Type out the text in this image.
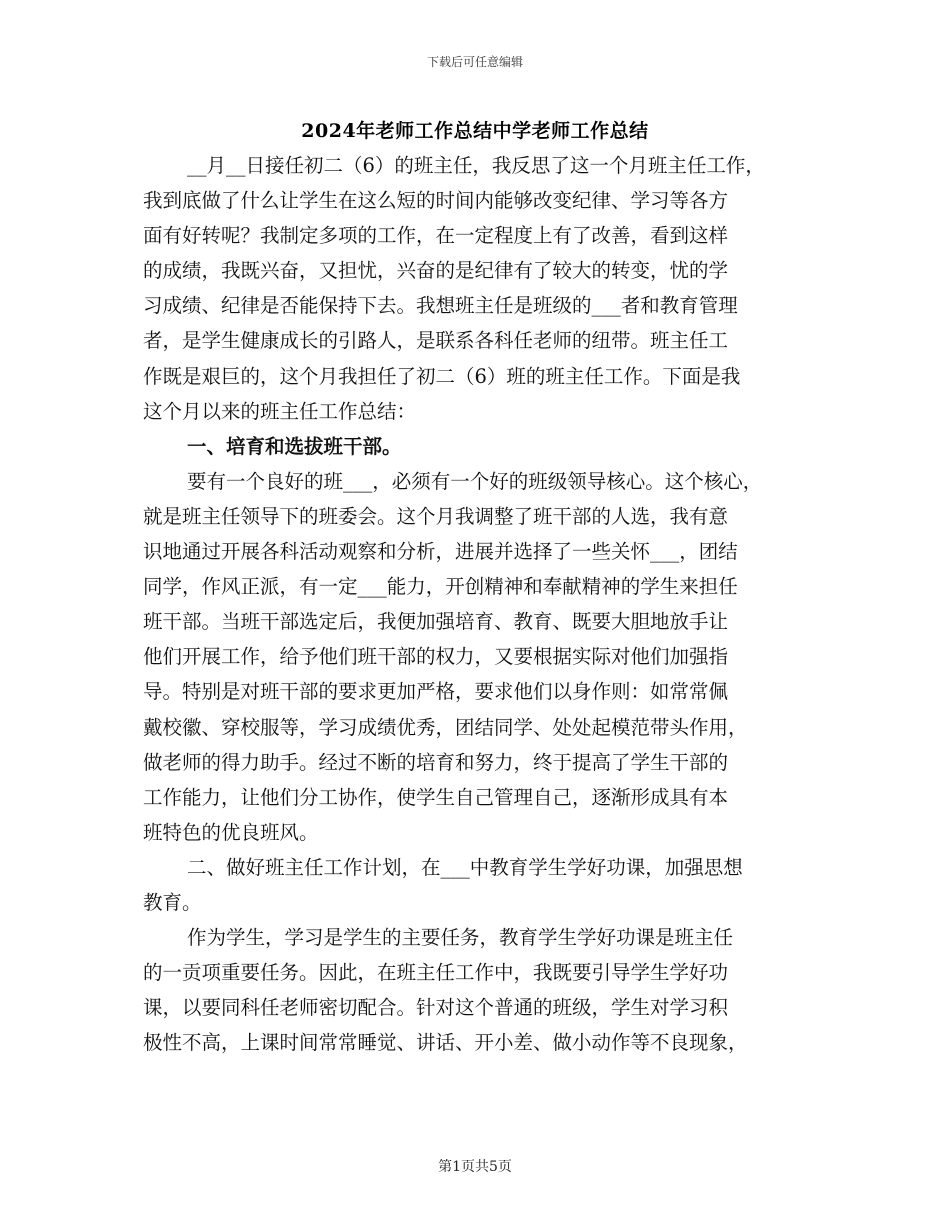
下载后可任意编辑
2024年老师工作总结中学老师工作总结
__月__日接任初二（6）的班主任，我反思了这一个月班主任工作，
我到底做了什么让学生在这么短的时间内能够改变纪律、学习等各方
面有好转呢？我制定多项的工作，在一定程度上有了改善，看到这样
的成绩，我既兴奋，又担忧，兴奋的是纪律有了较大的转变，忧的学
习成绩、纪律是否能保持下去。我想班主任是班级的___者和教育管理
者，是学生健康成长的引路人，是联系各科任老师的纽带。班主任工
作既是艰巨的，这个月我担任了初二（6）班的班主任工作。下面是我
这个月以来的班主任工作总结：
一、培育和选拔班干部。
要有一个良好的班___，必须有一个好的班级领导核心。这个核心，
就是班主任领导下的班委会。这个月我调整了班干部的人选，我有意
识地通过开展各科活动观察和分析，进展并选择了一些关怀___，团结
同学，作风正派，有一定___能力，开创精神和奉献精神的学生来担任
班干部。当班干部选定后，我便加强培育、教育、既要大胆地放手让
他们开展工作，给予他们班干部的权力，又要根据实际对他们加强指
导。特别是对班干部的要求更加严格，要求他们以身作则：如常常佩
戴校徽、穿校服等，学习成绩优秀，团结同学、处处起模范带头作用，
做老师的得力助手。经过不断的培育和努力，终于提高了学生干部的
工作能力，让他们分工协作，使学生自己管理自己，逐渐形成具有本
班特色的优良班风。
二、做好班主任工作计划，在___中教育学生学好功课，加强思想
教育。
作为学生，学习是学生的主要任务，教育学生学好功课是班主任
的一贡项重要任务。因此，在班主任工作中，我既要引导学生学好功
课，以要同科任老师密切配合。针对这个普通的班级，学生对学习积
极性不高，上课时间常常睡觉、讲话、开小差、做小动作等不良现象，
第1页共5页
